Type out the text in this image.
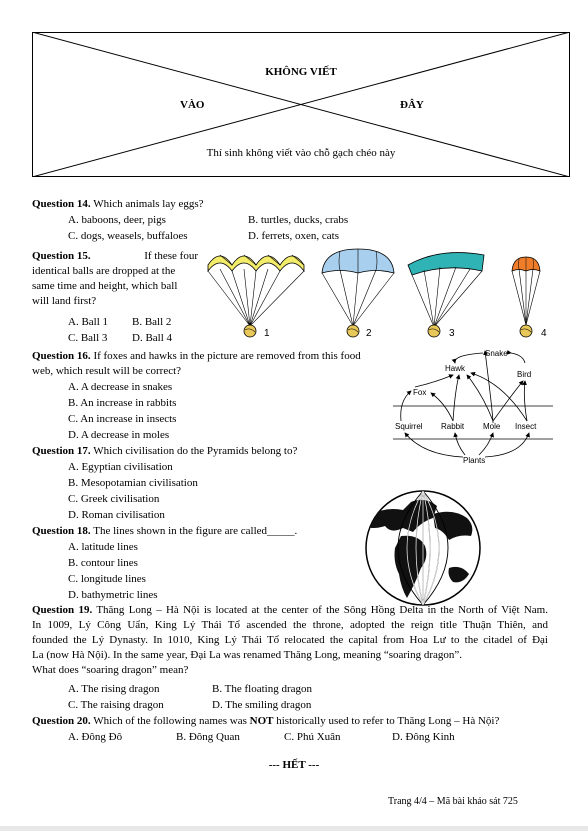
KHÔNG VIẾT
VÀO	ĐÂY
Thí sinh không viết vào chỗ gạch chéo này
Question 14. Which animals lay eggs?
A. baboons, deer, pigs	B. turtles, ducks, crabs
C. dogs, weasels, buffaloes	D. ferrets, oxen, cats
Question 15.	If these four
identical balls are dropped at the
same time and height, which ball
will land first?
A. Ball 1 B. Ball 2
C. Ball 3 D. Ball 4	1	2	3	4
Question 16. If foxes and hawks in the picture are removed from this food
web, which result will be correct?
A. A decrease in snakes
B. An increase in rabbits
C. An increase in insects
D. A decrease in moles
Snake
Hawk
Bird
Fox
Squirrel Rabbit Mole Insect
Plants
Question 17. Which civilisation do the Pyramids belong to?
A. Egyptian civilisation
B. Mesopotamian civilisation
C. Greek civilisation
D. Roman civilisation
Question 18. The lines shown in the figure are called_____.
A. latitude lines
B. contour lines
C. longitude lines
D. bathymetric lines
Question 19. Thăng Long – Hà Nội is located at the center of the Sông Hồng Delta in the North of Việt Nam.
In 1009, Lý Công Uẩn, King Lý Thái Tổ ascended the throne, adopted the reign title Thuận Thiên, and
founded the Lý Dynasty. In 1010, King Lý Thái Tổ relocated the capital from Hoa Lư to the citadel of Đại
La (now Hà Nội). In the same year, Đại La was renamed Thăng Long, meaning “soaring dragon”.
What does “soaring dragon” mean?
A. The rising dragon	B. The floating dragon
C. The raising dragon	D. The smiling dragon
Question 20. Which of the following names was NOT historically used to refer to Thăng Long – Hà Nội?
A. Đông Đô	B. Đông Quan	C. Phú Xuân	D. Đông Kinh
--- HẾT ---
Trang 4/4 – Mã bài khảo sát 725
